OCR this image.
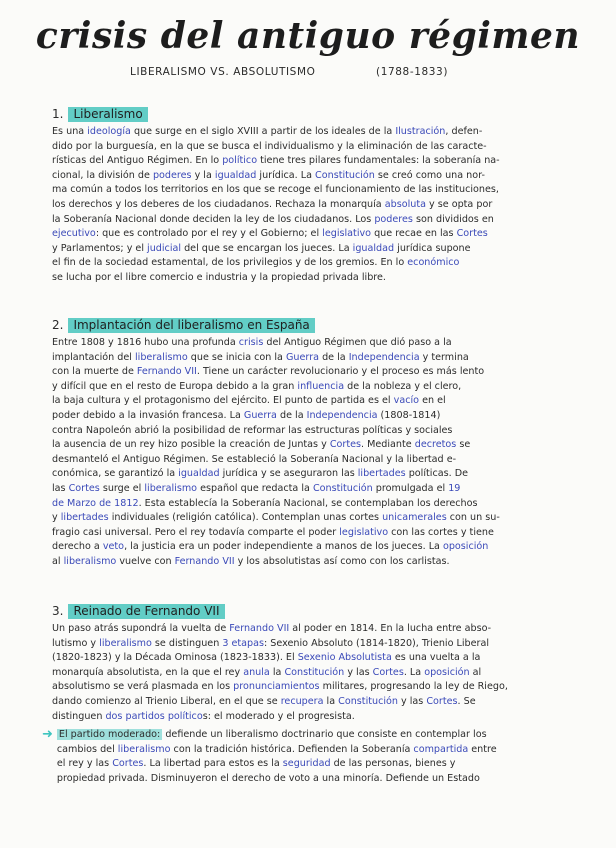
crisis del antiguo régimen
LIBERALISMO VS. ABSOLUTISMO	(1788-1833)
1. Liberalismo

Es una ideología que surge en el siglo XVIII a partir de los ideales de la Ilustración, defen-
dido por la burguesía, en la que se busca el individualismo y la eliminación de las caracte-
rísticas del Antiguo Régimen. En lo político tiene tres pilares fundamentales: la soberanía na-
cional, la división de poderes y la igualdad jurídica. La Constitución se creó como una nor-
ma común a todos los territorios en los que se recoge el funcionamiento de las instituciones,
los derechos y los deberes de los ciudadanos. Rechaza la monarquía absoluta y se opta por
la Soberanía Nacional donde deciden la ley de los ciudadanos. Los poderes son divididos en
ejecutivo: que es controlado por el rey y el Gobierno; el legislativo que recae en las Cortes
y Parlamentos; y el judicial del que se encargan los jueces. La igualdad jurídica supone
el fin de la sociedad estamental, de los privilegios y de los gremios. En lo económico
se lucha por el libre comercio e industria y la propiedad privada libre.

2. Implantación del liberalismo en España

Entre 1808 y 1816 hubo una profunda crisis del Antiguo Régimen que dió paso a la
implantación del liberalismo que se inicia con la Guerra de la Independencia y termina
con la muerte de Fernando VII. Tiene un carácter revolucionario y el proceso es más lento
y difícil que en el resto de Europa debido a la gran influencia de la nobleza y el clero,
la baja cultura y el protagonismo del ejército. El punto de partida es el vacío en el
poder debido a la invasión francesa. La Guerra de la Independencia (1808-1814)
contra Napoleón abrió la posibilidad de reformar las estructuras políticas y sociales
la ausencia de un rey hizo posible la creación de Juntas y Cortes. Mediante decretos se
desmanteló el Antiguo Régimen. Se estableció la Soberanía Nacional y la libertad e-
conómica, se garantizó la igualdad jurídica y se aseguraron las libertades políticas. De
las Cortes surge el liberalismo español que redacta la Constitución promulgada el 19
de Marzo de 1812. Esta establecía la Soberanía Nacional, se contemplaban los derechos
y libertades individuales (religión católica). Contemplan unas cortes unicamerales con un su-
fragio casi universal. Pero el rey todavía comparte el poder legislativo con las cortes y tiene
derecho a veto, la justicia era un poder independiente a manos de los jueces. La oposición
al liberalismo vuelve con Fernando VII y los absolutistas así como con los carlistas.

3. Reinado de Fernando VII

Un paso atrás supondrá la vuelta de Fernando VII al poder en 1814. En la lucha entre abso-
lutismo y liberalismo se distinguen 3 etapas: Sexenio Absoluto (1814-1820), Trienio Liberal
(1820-1823) y la Década Ominosa (1823-1833). El Sexenio Absolutista es una vuelta a la
monarquía absolutista, en la que el rey anula la Constitución y las Cortes. La oposición al
absolutismo se verá plasmada en los pronunciamientos militares, progresando la ley de Riego,
dando comienzo al Trienio Liberal, en el que se recupera la Constitución y las Cortes. Se
distinguen dos partidos políticos: el moderado y el progresista.

➜ El partido moderado: defiende un liberalismo doctrinario que consiste en contemplar los
cambios del liberalismo con la tradición histórica. Defienden la Soberanía compartida entre
el rey y las Cortes. La libertad para estos es la seguridad de las personas, bienes y
propiedad privada. Disminuyeron el derecho de voto a una minoría. Defiende un Estado
